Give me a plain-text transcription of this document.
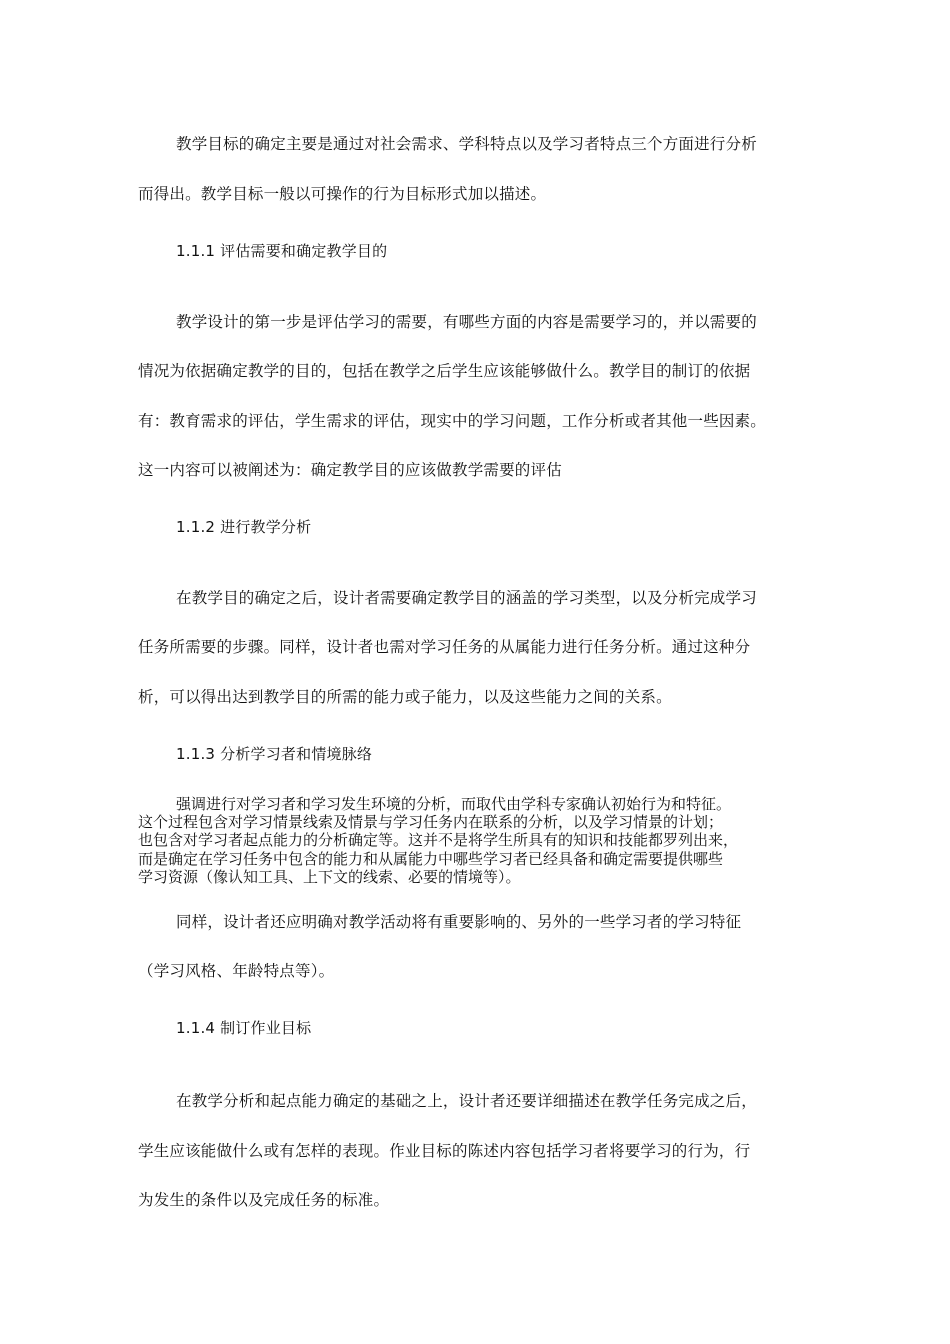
教学目标的确定主要是通过对社会需求、学科特点以及学习者特点三个方面进行分析
而得出。教学目标一般以可操作的行为目标形式加以描述。
1.1.1 评估需要和确定教学目的
教学设计的第一步是评估学习的需要，有哪些方面的内容是需要学习的，并以需要的
情况为依据确定教学的目的，包括在教学之后学生应该能够做什么。教学目的制订的依据
有：教育需求的评估，学生需求的评估，现实中的学习问题，工作分析或者其他一些因素。
这一内容可以被阐述为：确定教学目的应该做教学需要的评估
1.1.2 进行教学分析
在教学目的确定之后，设计者需要确定教学目的涵盖的学习类型，以及分析完成学习
任务所需要的步骤。同样，设计者也需对学习任务的从属能力进行任务分析。通过这种分
析，可以得出达到教学目的所需的能力或子能力，以及这些能力之间的关系。
1.1.3 分析学习者和情境脉络
强调进行对学习者和学习发生环境的分析，而取代由学科专家确认初始行为和特征。
这个过程包含对学习情景线索及情景与学习任务内在联系的分析，以及学习情景的计划；
也包含对学习者起点能力的分析确定等。这并不是将学生所具有的知识和技能都罗列出来，
而是确定在学习任务中包含的能力和从属能力中哪些学习者已经具备和确定需要提供哪些
学习资源（像认知工具、上下文的线索、必要的情境等）。
同样，设计者还应明确对教学活动将有重要影响的、另外的一些学习者的学习特征
（学习风格、年龄特点等）。
1.1.4 制订作业目标
在教学分析和起点能力确定的基础之上，设计者还要详细描述在教学任务完成之后，
学生应该能做什么或有怎样的表现。作业目标的陈述内容包括学习者将要学习的行为，行
为发生的条件以及完成任务的标准。
